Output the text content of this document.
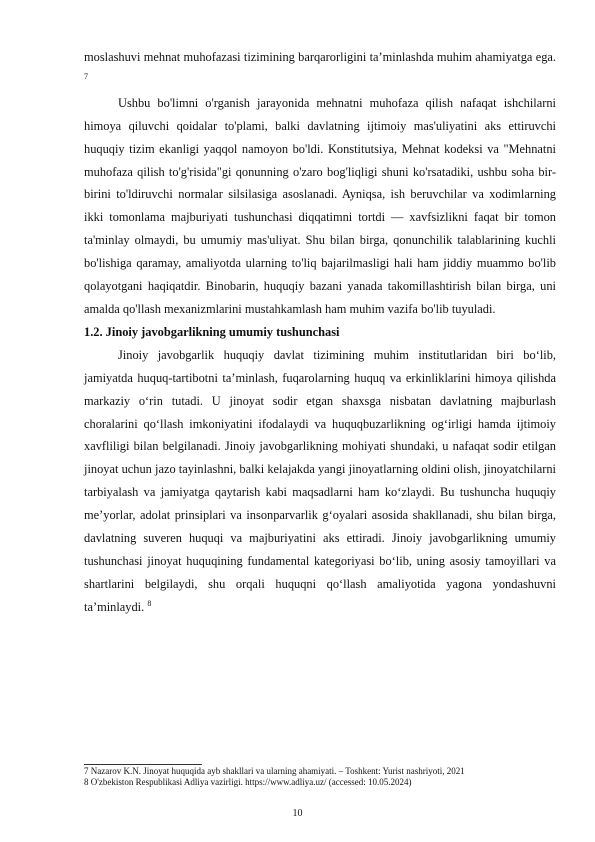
moslashuvi mehnat muhofazasi tizimining barqarorligini ta’minlashda muhim ahamiyatga ega. $^7$

Ushbu bo'limni o'rganish jarayonida mehnatni muhofaza qilish nafaqat ishchilarni himoya qiluvchi qoidalar to'plami, balki davlatning ijtimoiy mas'uliyatini aks ettiruvchi huquqiy tizim ekanligi yaqqol namoyon bo'ldi. Konstitutsiya, Mehnat kodeksi va "Mehnatni muhofaza qilish to'g'risida"gi qonunning o'zaro bog'liqligi shuni ko'rsatadiki, ushbu soha bir-birini to'ldiruvchi normalar silsilasiga asoslanadi. Ayniqsa, ish beruvchilar va xodimlarning ikki tomonlama majburiyati tushunchasi diqqatimni tortdi — xavfsizlikni faqat bir tomon ta'minlay olmaydi, bu umumiy mas'uliyat. Shu bilan birga, qonunchilik talablarining kuchli bo'lishiga qaramay, amaliyotda ularning to'liq bajarilmasligi hali ham jiddiy muammo bo'lib qolayotgani haqiqatdir. Binobarin, huquqiy bazani yanada takomillashtirish bilan birga, uni amalda qo'llash mexanizmlarini mustahkamlash ham muhim vazifa bo'lib tuyuladi.

1.2. Jinoiy javobgarlikning umumiy tushunchasi

Jinoiy javobgarlik huquqiy davlat tizimining muhim institutlaridan biri bo‘lib, jamiyatda huquq-tartibotni ta’minlash, fuqarolarning huquq va erkinliklarini himoya qilishda markaziy o‘rin tutadi. U jinoyat sodir etgan shaxsga nisbatan davlatning majburlash choralarini qo‘llash imkoniyatini ifodalaydi va huquqbuzarlikning og‘irligi hamda ijtimoiy xavfliligi bilan belgilanadi. Jinoiy javobgarlikning mohiyati shundaki, u nafaqat sodir etilgan jinoyat uchun jazo tayinlashni, balki kelajakda yangi jinoyatlarning oldini olish, jinoyatchilarni tarbiyalash va jamiyatga qaytarish kabi maqsadlarni ham ko‘zlaydi. Bu tushuncha huquqiy me’yorlar, adolat prinsiplari va insonparvarlik g‘oyalari asosida shakllanadi, shu bilan birga, davlatning suveren huquqi va majburiyatini aks ettiradi. Jinoiy javobgarlikning umumiy tushunchasi jinoyat huquqining fundamental kategoriyasi bo‘lib, uning asosiy tamoyillari va shartlarini belgilaydi, shu orqali huquqni qo‘llash amaliyotida yagona yondashuvni ta’minlaydi. $^8$

7 Nazarov K.N. Jinoyat huquqida ayb shakllari va ularning ahamiyati. – Toshkent: Yurist nashriyoti, 2021
8 O'zbekiston Respublikasi Adliya vazirligi. https://www.adliya.uz/ (accessed: 10.05.2024)
10
